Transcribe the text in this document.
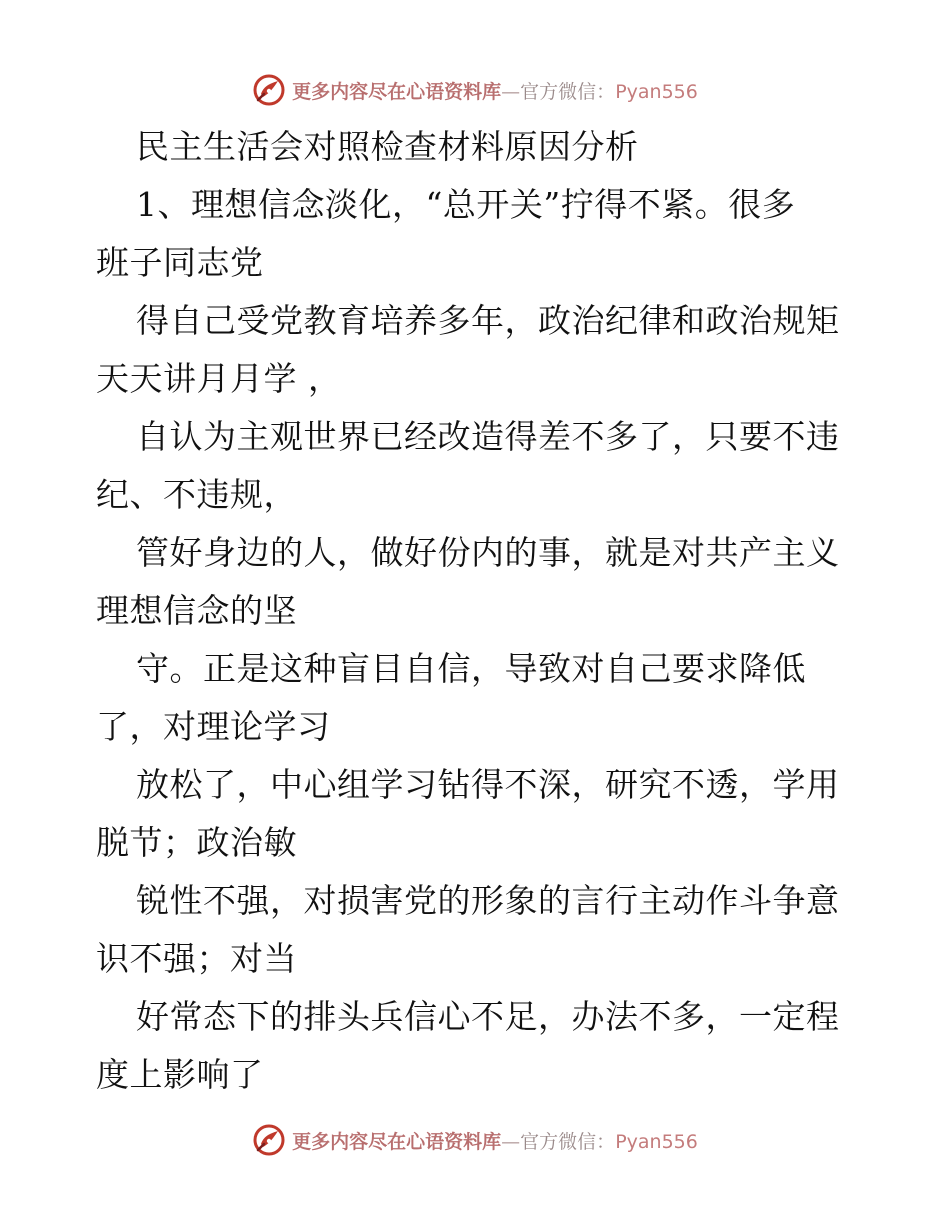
更多内容尽在心语资料库—官方微信：Pyan556
民主生活会对照检查材料原因分析
1、理想信念淡化，“总开关”拧得不紧。很多
班子同志党
得自己受党教育培养多年，政治纪律和政治规矩
天天讲月月学 ，
自认为主观世界已经改造得差不多了，只要不违
纪、不违规，
管好身边的人，做好份内的事，就是对共产主义
理想信念的坚
守。正是这种盲目自信，导致对自己要求降低
了，对理论学习
放松了，中心组学习钻得不深，研究不透，学用
脱节；政治敏
锐性不强，对损害党的形象的言行主动作斗争意
识不强；对当
好常态下的排头兵信心不足，办法不多，一定程
度上影响了
更多内容尽在心语资料库—官方微信：Pyan556
